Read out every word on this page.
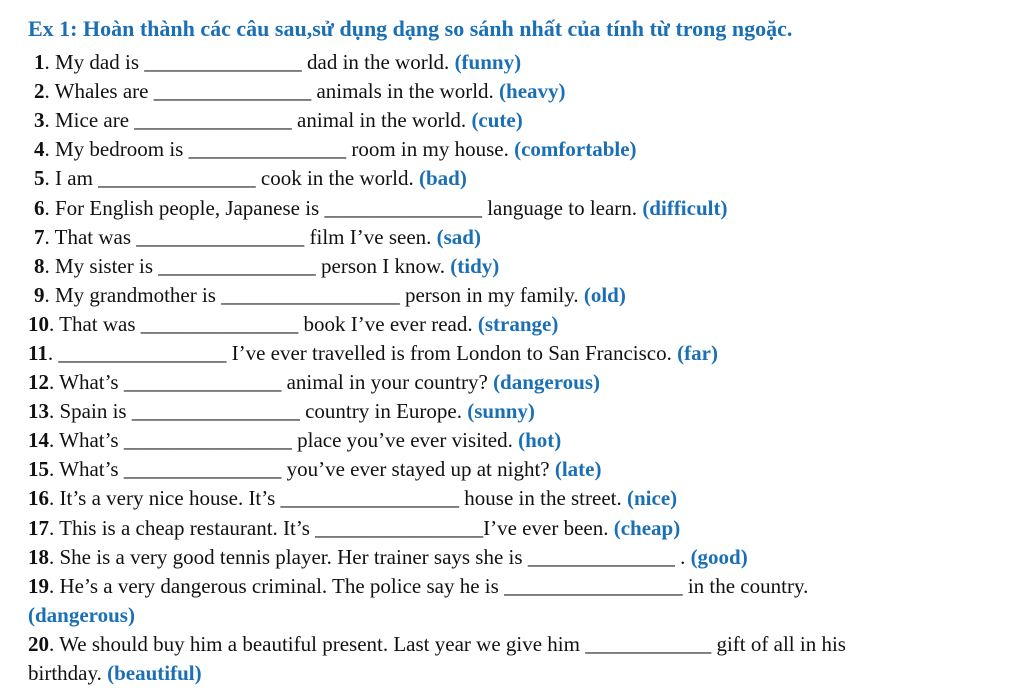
Ex 1: Hoàn thành các câu sau,sử dụng dạng so sánh nhất của tính từ trong ngoặc.
1. My dad is _______________ dad in the world. (funny)
2. Whales are _______________ animals in the world. (heavy)
3. Mice are _______________ animal in the world. (cute)
4. My bedroom is _______________ room in my house. (comfortable)
5. I am _______________ cook in the world. (bad)
6. For English people, Japanese is _______________ language to learn. (difficult)
7. That was ________________ film I’ve seen. (sad)
8. My sister is _______________ person I know. (tidy)
9. My grandmother is _________________ person in my family. (old)
10. That was _______________ book I’ve ever read. (strange)
11. ________________ I’ve ever travelled is from London to San Francisco. (far)
12. What’s _______________ animal in your country? (dangerous)
13. Spain is ________________ country in Europe. (sunny)
14. What’s ________________ place you’ve ever visited. (hot)
15. What’s _______________ you’ve ever stayed up at night? (late)
16. It’s a very nice house. It’s _________________ house in the street. (nice)
17. This is a cheap restaurant. It’s ________________I’ve ever been. (cheap)
18. She is a very good tennis player. Her trainer says she is ______________ . (good)
19. He’s a very dangerous criminal. The police say he is _________________ in the country.
(dangerous)
20. We should buy him a beautiful present. Last year we give him ____________ gift of all in his
birthday. (beautiful)
